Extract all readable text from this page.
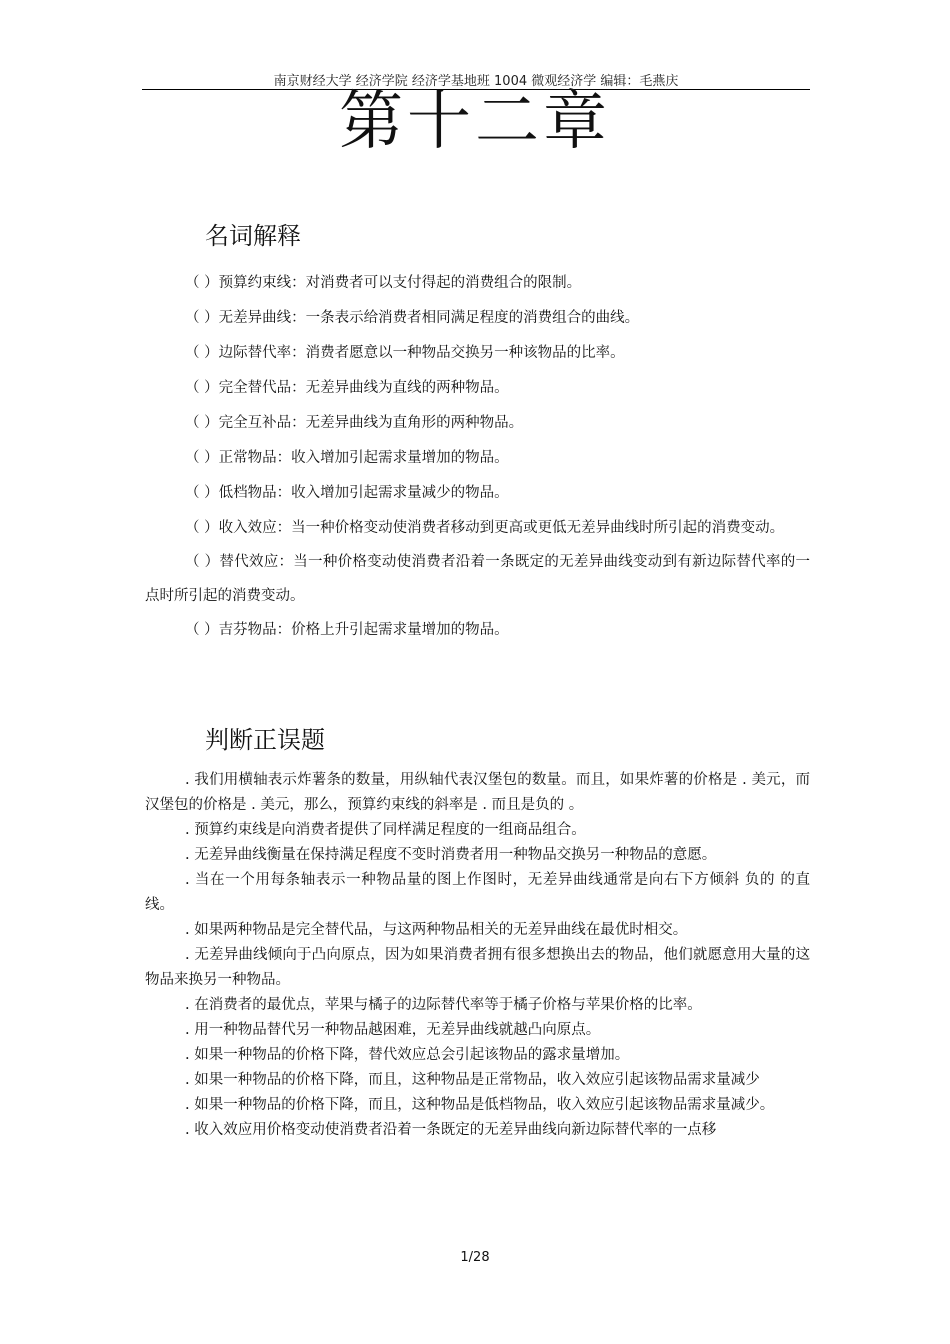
南京财经大学 经济学院 经济学基地班 1004 微观经济学 编辑：毛燕庆
第十二章
名词解释

（ ）预算约束线：对消费者可以支付得起的消费组合的限制。

（ ）无差异曲线：一条表示给消费者相同满足程度的消费组合的曲线。

（ ）边际替代率：消费者愿意以一种物品交换另一种该物品的比率。

（ ）完全替代品：无差异曲线为直线的两种物品。

（ ）完全互补品：无差异曲线为直角形的两种物品。

（ ）正常物品：收入增加引起需求量增加的物品。

（ ）低档物品：收入增加引起需求量减少的物品。

（ ）收入效应：当一种价格变动使消费者移动到更高或更低无差异曲线时所引起的消费变动。

（ ）替代效应：当一种价格变动使消费者沿着一条既定的无差异曲线变动到有新边际替代率的一点时所引起的消费变动。

（ ）吉芬物品：价格上升引起需求量增加的物品。

判断正误题

. 我们用横轴表示炸薯条的数量，用纵轴代表汉堡包的数量。而且，如果炸薯的价格是 . 美元，而汉堡包的价格是 . 美元，那么，预算约束线的斜率是 . 而且是负的 。

. 预算约束线是向消费者提供了同样满足程度的一组商品组合。

. 无差异曲线衡量在保持满足程度不变时消费者用一种物品交换另一种物品的意愿。

. 当在一个用每条轴表示一种物品量的图上作图时，无差异曲线通常是向右下方倾斜 负的 的直线。

. 如果两种物品是完全替代品，与这两种物品相关的无差异曲线在最优时相交。

. 无差异曲线倾向于凸向原点，因为如果消费者拥有很多想换出去的物品，他们就愿意用大量的这物品来换另一种物品。

. 在消费者的最优点，苹果与橘子的边际替代率等于橘子价格与苹果价格的比率。

. 用一种物品替代另一种物品越困难，无差异曲线就越凸向原点。

. 如果一种物品的价格下降，替代效应总会引起该物品的露求量增加。

. 如果一种物品的价格下降，而且，这种物品是正常物品，收入效应引起该物品需求量减少

. 如果一种物品的价格下降，而且，这种物品是低档物品，收入效应引起该物品需求量减少。

. 收入效应用价格变动使消费者沿着一条既定的无差异曲线向新边际替代率的一点移

1/28
